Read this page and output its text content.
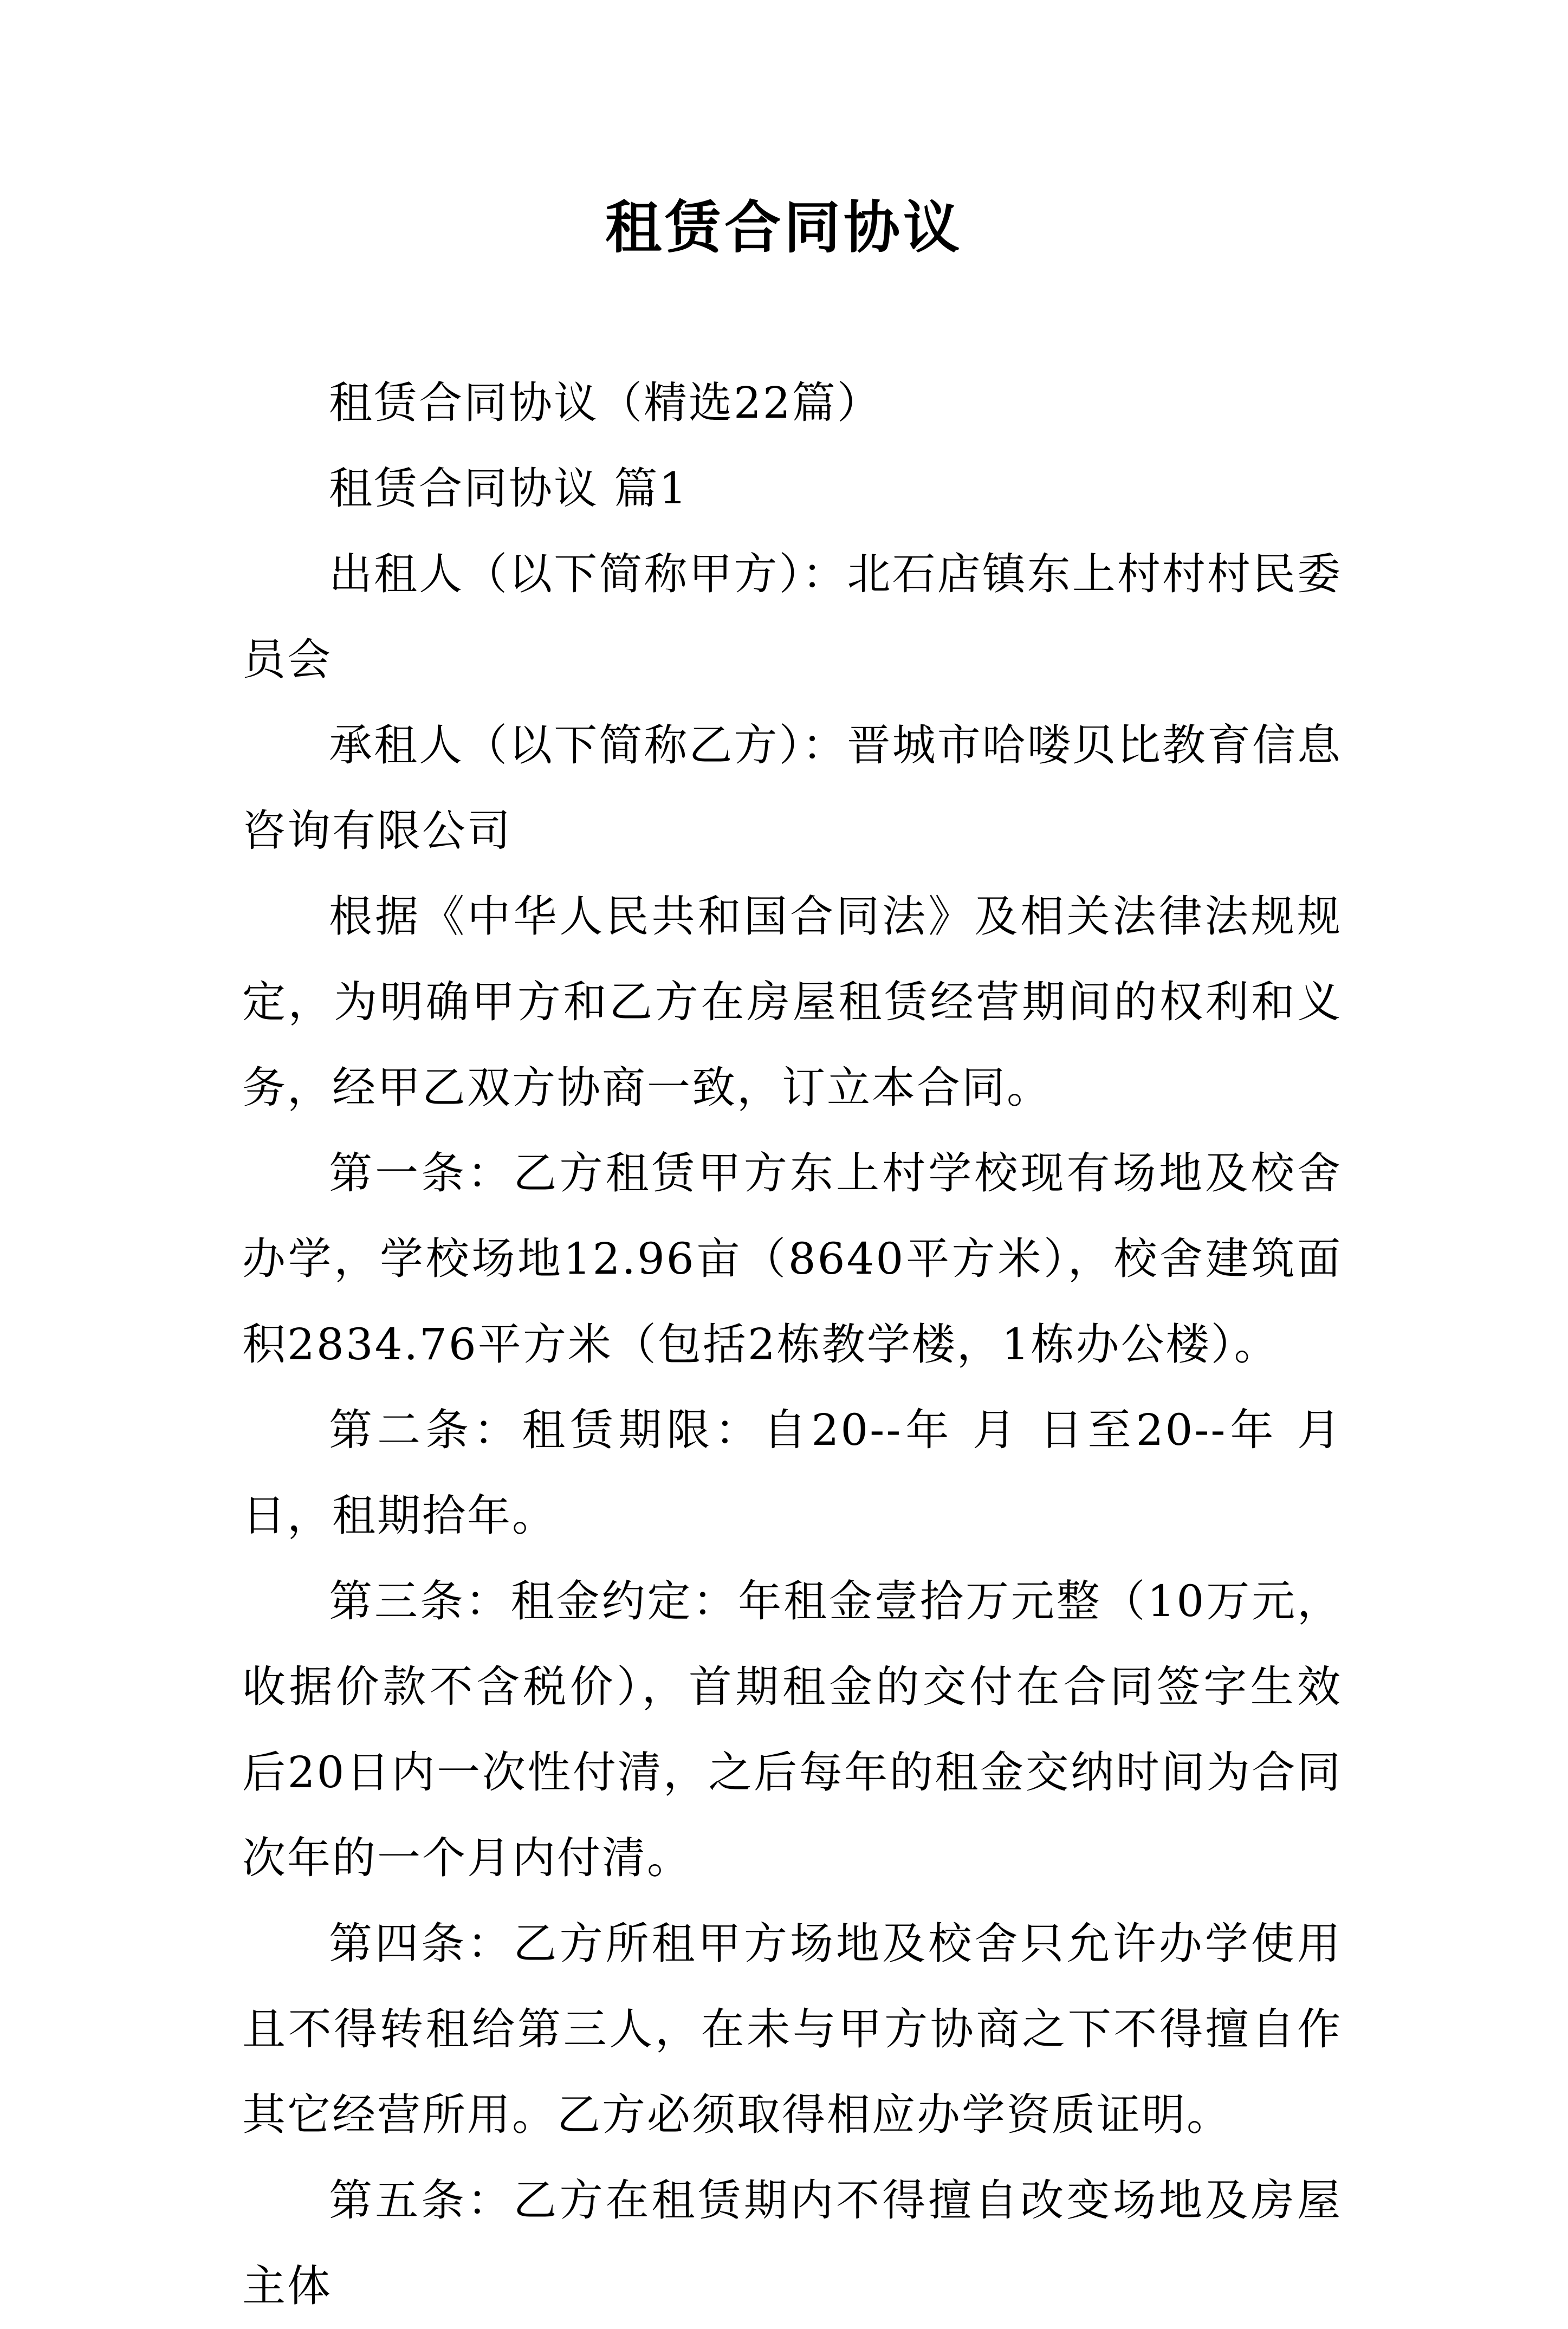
租赁合同协议

租赁合同协议（精选22篇）

租赁合同协议 篇1

出租人（以下简称甲方）：北石店镇东上村村村民委员会

承租人（以下简称乙方）：晋城市哈喽贝比教育信息咨询有限公司

根据《中华人民共和国合同法》及相关法律法规规定，为明确甲方和乙方在房屋租赁经营期间的权利和义务，经甲乙双方协商一致，订立本合同。

第一条：乙方租赁甲方东上村学校现有场地及校舍办学，学校场地12.96亩（8640平方米），校舍建筑面积2834.76平方米（包括2栋教学楼，1栋办公楼）。

第二条：租赁期限：自20--年 月 日至20--年 月 日，租期拾年。

第三条：租金约定：年租金壹拾万元整（10万元，收据价款不含税价），首期租金的交付在合同签字生效后20日内一次性付清，之后每年的租金交纳时间为合同次年的一个月内付清。

第四条：乙方所租甲方场地及校舍只允许办学使用且不得转租给第三人，在未与甲方协商之下不得擅自作其它经营所用。乙方必须取得相应办学资质证明。

第五条：乙方在租赁期内不得擅自改变场地及房屋主体
